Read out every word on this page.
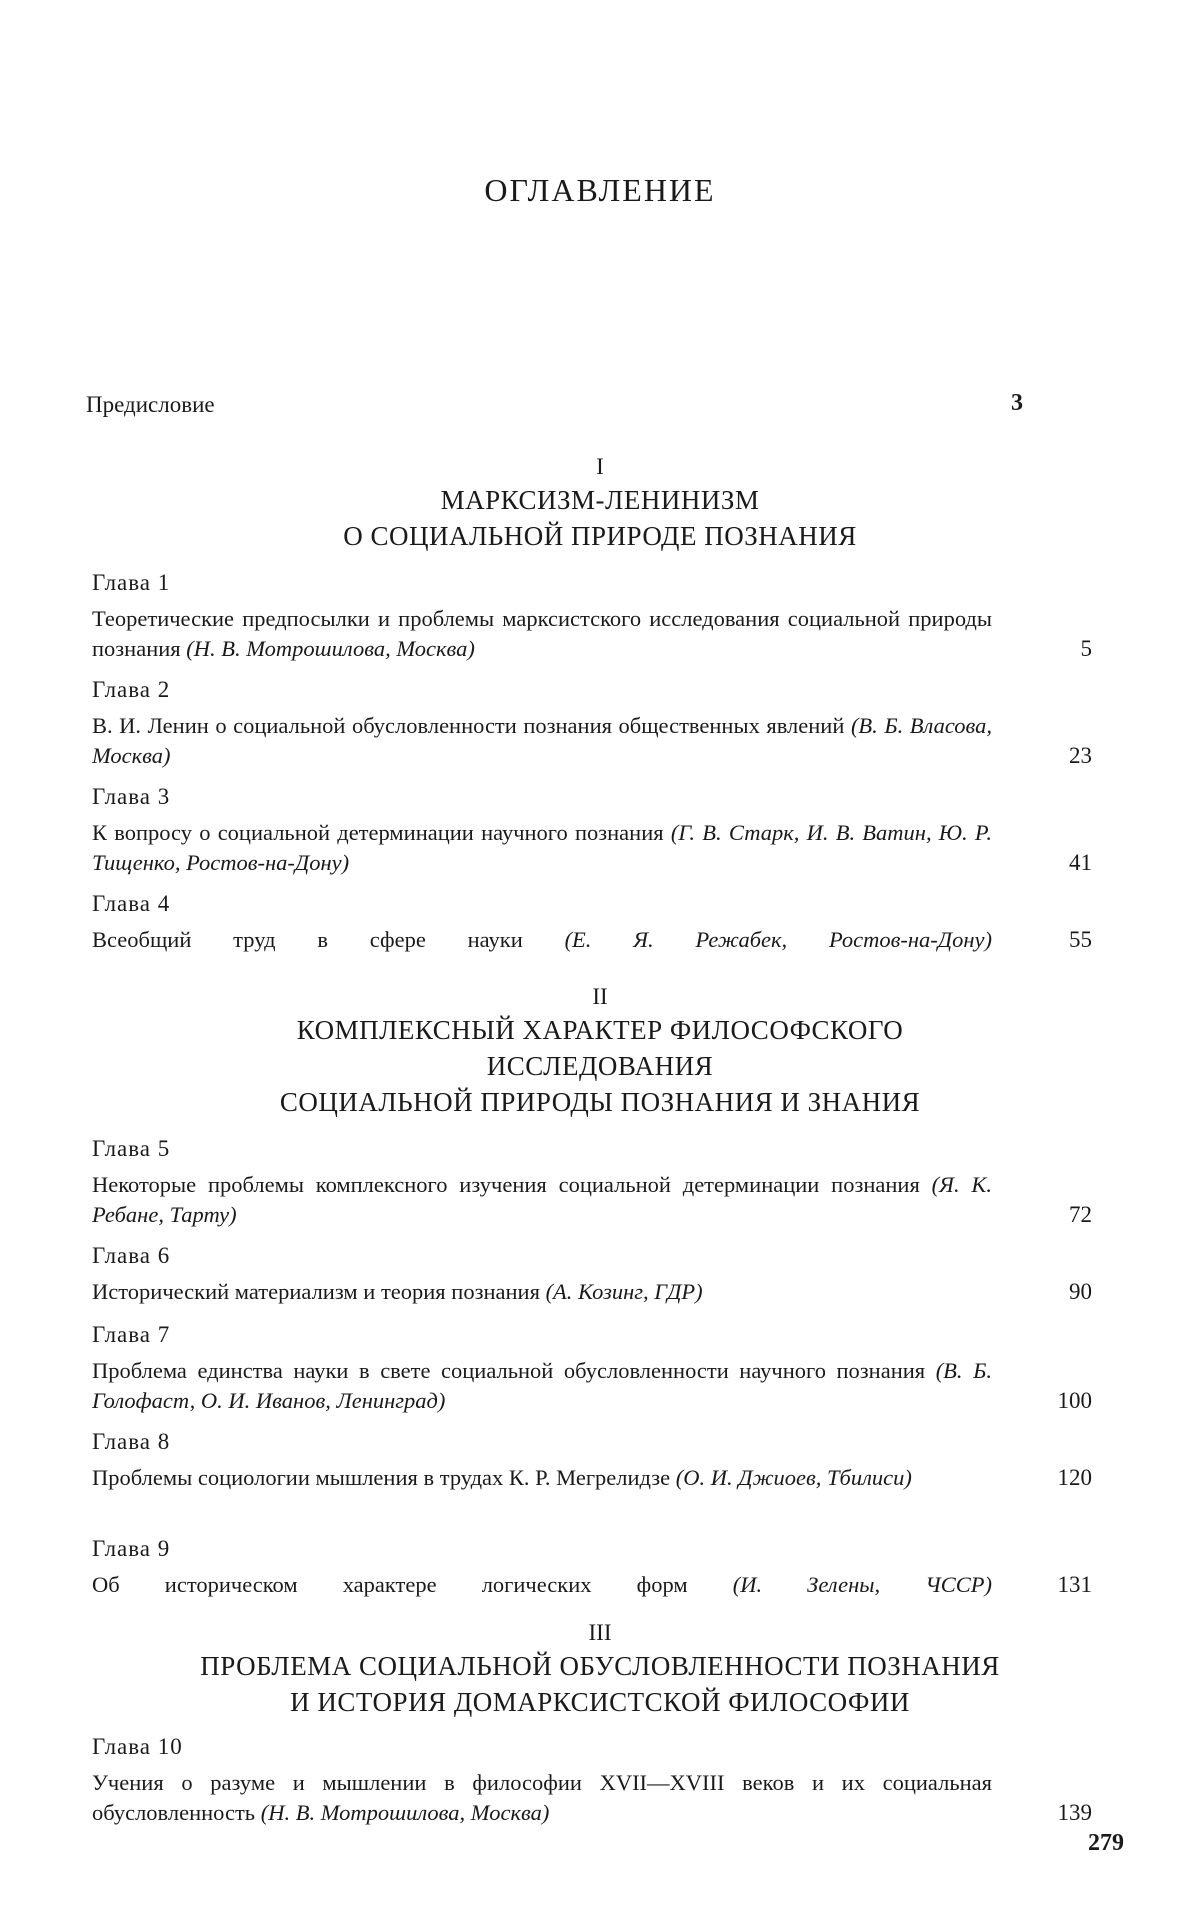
ОГЛАВЛЕНИЕ
Предисловие	3
I
МАРКСИЗМ-ЛЕНИНИЗМ
О СОЦИАЛЬНОЙ ПРИРОДЕ ПОЗНАНИЯ
Глава 1
Теоретические предпосылки и проблемы марксистского исследования социальной природы познания (Н. В. Мотрошилова, Москва)	5
Глава 2
В. И. Ленин о социальной обусловленности познания общественных явлений (В. Б. Власова, Москва)	23
Глава 3
К вопросу о социальной детерминации научного познания (Г. В. Старк, И. В. Ватин, Ю. Р. Тищенко, Ростов-на-Дону)	41
Глава 4
Всеобщий труд в сфере науки (Е. Я. Режабек, Ростов-на-Дону)	55
II
КОМПЛЕКСНЫЙ ХАРАКТЕР ФИЛОСОФСКОГО
ИССЛЕДОВАНИЯ
СОЦИАЛЬНОЙ ПРИРОДЫ ПОЗНАНИЯ И ЗНАНИЯ
Глава 5
Некоторые проблемы комплексного изучения социальной детерминации познания (Я. К. Ребане, Тарту)	72
Глава 6
Исторический материализм и теория познания (А. Козинг, ГДР)	90
Глава 7
Проблема единства науки в свете социальной обусловленности научного познания (В. Б. Голофаст, О. И. Иванов, Ленинград)	100
Глава 8
Проблемы социологии мышления в трудах К. Р. Мегрелидзе (О. И. Джиоев, Тбилиси)	120
Глава 9
Об историческом характере логических форм (И. Зелены, ЧССР)	131
III
ПРОБЛЕМА СОЦИАЛЬНОЙ ОБУСЛОВЛЕННОСТИ ПОЗНАНИЯ
И ИСТОРИЯ ДОМАРКСИСТСКОЙ ФИЛОСОФИИ
Глава 10
Учения о разуме и мышлении в философии XVII—XVIII веков и их социальная обусловленность (Н. В. Мотрошилова, Москва)	139
279
